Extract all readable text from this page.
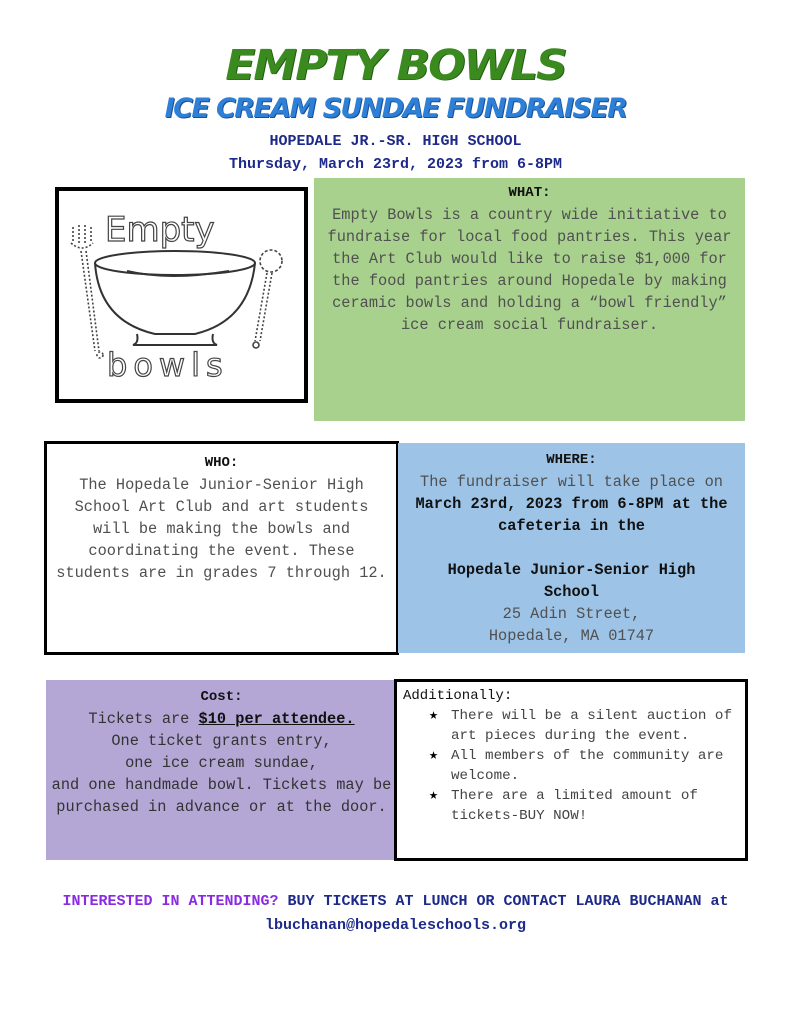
EMPTY BOWLS
ICE CREAM SUNDAE FUNDRAISER
HOPEDALE JR.-SR. HIGH SCHOOL
Thursday, March 23rd, 2023 from 6-8PM
Empty
bowls
WHAT:
Empty Bowls is a country wide initiative to fundraise for local food pantries. This year the Art Club would like to raise $1,000 for the food pantries around Hopedale by making ceramic bowls and holding a “bowl friendly” ice cream social fundraiser.
WHO:
The Hopedale Junior-Senior High School Art Club and art students will be making the bowls and coordinating the event. These students are in grades 7 through 12.
WHERE:
The fundraiser will take place on
March 23rd, 2023 from 6-8PM at the cafeteria in the
Hopedale Junior-Senior High School
25 Adin Street,
Hopedale, MA 01747
Cost:
Tickets are $10 per attendee.
One ticket grants entry,
one ice cream sundae,
and one handmade bowl. Tickets may be purchased in advance or at the door.
Additionally:
★ There will be a silent auction of art pieces during the event.
★ All members of the community are welcome.
★ There are a limited amount of tickets-BUY NOW!
INTERESTED IN ATTENDING? BUY TICKETS AT LUNCH OR CONTACT LAURA BUCHANAN at lbuchanan@hopedaleschools.org
